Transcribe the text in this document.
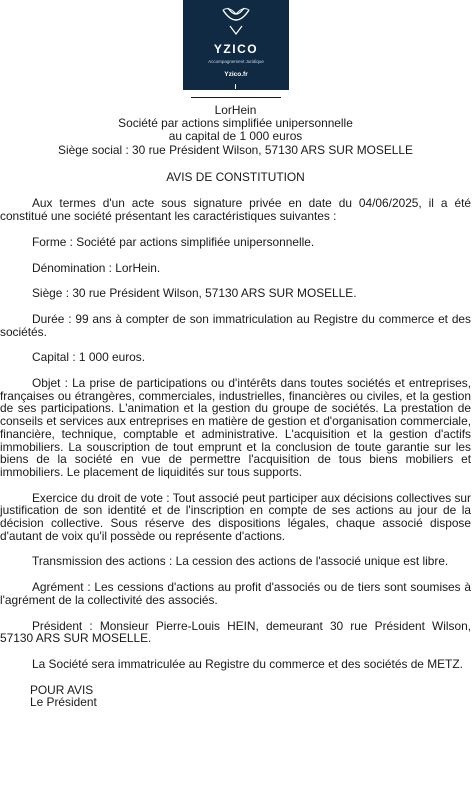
YZICO
Accompagnement Juridique
Yzico.fr
LorHein
Société par actions simplifiée unipersonnelle
au capital de 1 000 euros
Siège social : 30 rue Président Wilson, 57130 ARS SUR MOSELLE

AVIS DE CONSTITUTION

Aux termes d'un acte sous signature privée en date du 04/06/2025, il a été constitué une société présentant les caractéristiques suivantes :

Forme : Société par actions simplifiée unipersonnelle.

Dénomination : LorHein.

Siège : 30 rue Président Wilson, 57130 ARS SUR MOSELLE.

Durée : 99 ans à compter de son immatriculation au Registre du commerce et des sociétés.

Capital : 1 000 euros.

Objet : La prise de participations ou d'intérêts dans toutes sociétés et entreprises, françaises ou étrangères, commerciales, industrielles, financières ou civiles, et la gestion de ses participations. L'animation et la gestion du groupe de sociétés. La prestation de conseils et services aux entreprises en matière de gestion et d'organisation commerciale, financière, technique, comptable et administrative. L'acquisition et la gestion d'actifs immobiliers. La souscription de tout emprunt et la conclusion de toute garantie sur les biens de la société en vue de permettre l'acquisition de tous biens mobiliers et immobiliers. Le placement de liquidités sur tous supports.

Exercice du droit de vote : Tout associé peut participer aux décisions collectives sur justification de son identité et de l'inscription en compte de ses actions au jour de la décision collective. Sous réserve des dispositions légales, chaque associé dispose d'autant de voix qu'il possède ou représente d'actions.

Transmission des actions : La cession des actions de l'associé unique est libre.

Agrément : Les cessions d'actions au profit d'associés ou de tiers sont soumises à l'agrément de la collectivité des associés.

Président : Monsieur Pierre-Louis HEIN, demeurant 30 rue Président Wilson, 57130 ARS SUR MOSELLE.

La Société sera immatriculée au Registre du commerce et des sociétés de METZ.

POUR AVIS
Le Président
